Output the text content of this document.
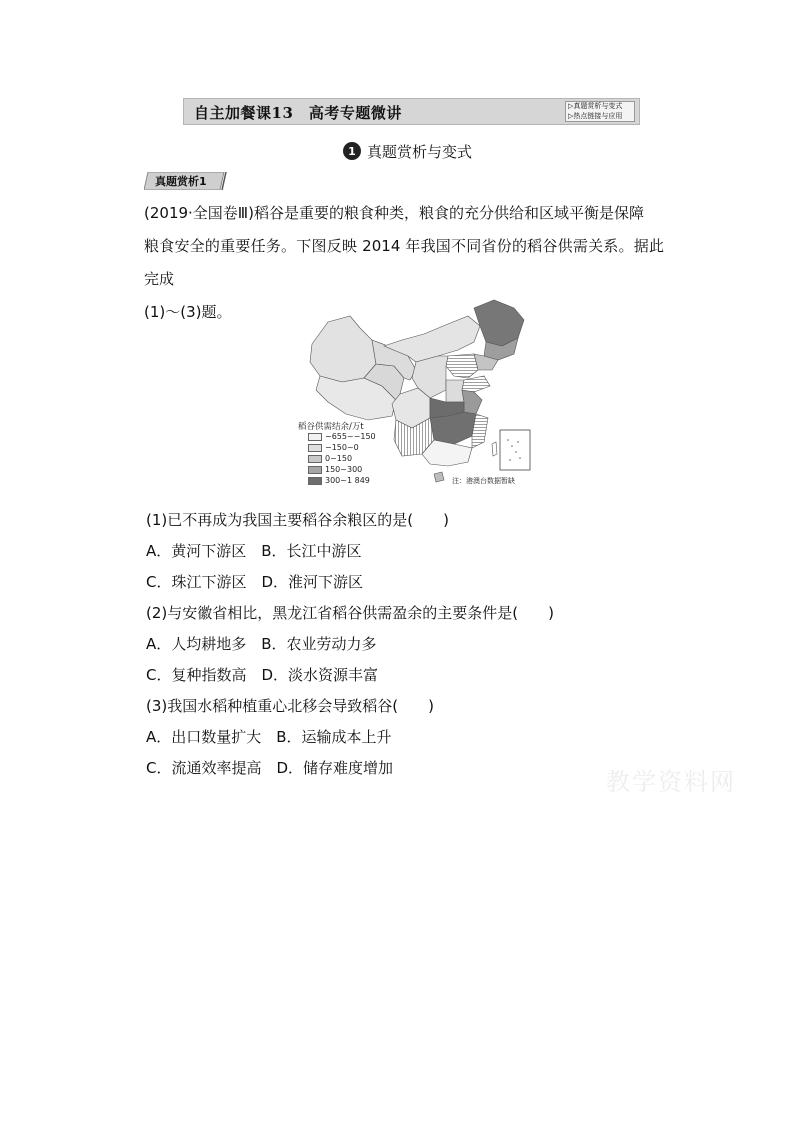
自主加餐课13　高考专题微讲	▷真题赏析与变式
▷热点链接与应用
1 真题赏析与变式
真题赏析1

(2019·全国卷Ⅲ)稻谷是重要的粮食种类，粮食的充分供给和区域平衡是保障

粮食安全的重要任务。下图反映 2014 年我国不同省份的稻谷供需关系。据此完成

(1)～(3)题。

稻谷供需结余/万t
−655~−150
−150~0
0~150
150~300
300~1 849	注：港澳台数据暂缺
(1)已不再成为我国主要稻谷余粮区的是(　　)
A．黄河下游区　B．长江中游区
C．珠江下游区　D．淮河下游区
(2)与安徽省相比，黑龙江省稻谷供需盈余的主要条件是(　　)
A．人均耕地多　B．农业劳动力多
C．复种指数高　D．淡水资源丰富
(3)我国水稻种植重心北移会导致稻谷(　　)
A．出口数量扩大　B．运输成本上升
C．流通效率提高　D．储存难度增加	教学资料网
